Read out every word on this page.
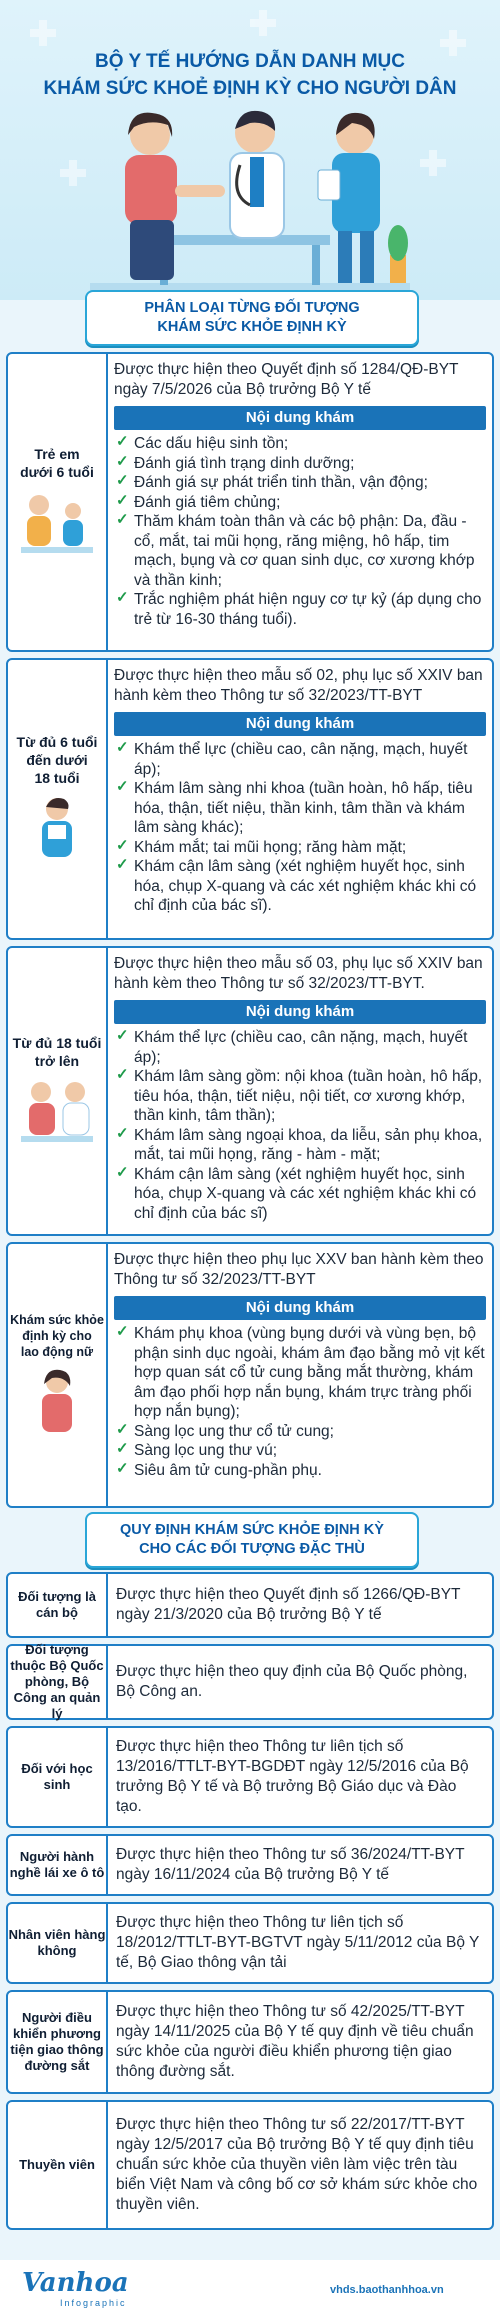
BỘ Y TẾ HƯỚNG DẪN DANH MỤC
KHÁM SỨC KHOẺ ĐỊNH KỲ CHO NGƯỜI DÂN
PHÂN LOẠI TỪNG ĐỐI TƯỢNG
KHÁM SỨC KHỎE ĐỊNH KỲ
Trẻ em
dưới 6 tuổi
Được thực hiện theo Quyết định số 1284/QĐ-BYT ngày 7/5/2026 của Bộ trưởng Bộ Y tế
Nội dung khám
✓ Các dấu hiệu sinh tồn;
✓ Đánh giá tình trạng dinh dưỡng;
✓ Đánh giá sự phát triển tinh thần, vận động;
✓ Đánh giá tiêm chủng;
✓ Thăm khám toàn thân và các bộ phận: Da, đầu - cổ, mắt, tai mũi họng, răng miệng, hô hấp, tim mạch, bụng và cơ quan sinh dục, cơ xương khớp và thần kinh;
✓ Trắc nghiệm phát hiện nguy cơ tự kỷ (áp dụng cho trẻ từ 16-30 tháng tuổi).
Từ đủ 6 tuổi
đến dưới
18 tuổi
Được thực hiện theo mẫu số 02, phụ lục số XXIV ban hành kèm theo Thông tư số 32/2023/TT-BYT
Nội dung khám
✓ Khám thể lực (chiều cao, cân nặng, mạch, huyết áp);
✓ Khám lâm sàng nhi khoa (tuần hoàn, hô hấp, tiêu hóa, thận, tiết niệu, thần kinh, tâm thần và khám lâm sàng khác);
✓ Khám mắt; tai mũi họng; răng hàm mặt;
✓ Khám cận lâm sàng (xét nghiệm huyết học, sinh hóa, chụp X-quang và các xét nghiệm khác khi có chỉ định của bác sĩ).
Từ đủ 18 tuổi
trở lên
Được thực hiện theo mẫu số 03, phụ lục số XXIV ban hành kèm theo Thông tư số 32/2023/TT-BYT.
Nội dung khám
✓ Khám thể lực (chiều cao, cân nặng, mạch, huyết áp);
✓ Khám lâm sàng gồm: nội khoa (tuần hoàn, hô hấp, tiêu hóa, thận, tiết niệu, nội tiết, cơ xương khớp, thần kinh, tâm thần);
✓ Khám lâm sàng ngoại khoa, da liễu, sản phụ khoa, mắt, tai mũi họng, răng - hàm - mặt;
✓ Khám cận lâm sàng (xét nghiệm huyết học, sinh hóa, chụp X-quang và các xét nghiệm khác khi có chỉ định của bác sĩ)
Khám sức khỏe
định kỳ cho
lao động nữ
Được thực hiện theo phụ lục XXV ban hành kèm theo Thông tư số 32/2023/TT-BYT
Nội dung khám
✓ Khám phụ khoa (vùng bụng dưới và vùng bẹn, bộ phận sinh dục ngoài, khám âm đạo bằng mỏ vịt kết hợp quan sát cổ tử cung bằng mắt thường, khám âm đạo phối hợp nắn bụng, khám trực tràng phối hợp nắn bụng);
✓ Sàng lọc ung thư cổ tử cung;
✓ Sàng lọc ung thư vú;
✓ Siêu âm tử cung-phần phụ.
QUY ĐỊNH KHÁM SỨC KHỎE ĐỊNH KỲ
CHO CÁC ĐỐI TƯỢNG ĐẶC THÙ
Đối tượng là cán bộ
Được thực hiện theo Quyết định số 1266/QĐ-BYT ngày 21/3/2020 của Bộ trưởng Bộ Y tế
Đối tượng thuộc Bộ Quốc phòng, Bộ Công an quản lý
Được thực hiện theo quy định của Bộ Quốc phòng, Bộ Công an.
Đối với học sinh
Được thực hiện theo Thông tư liên tịch số 13/2016/TTLT-BYT-BGDĐT ngày 12/5/2016 của Bộ trưởng Bộ Y tế và Bộ trưởng Bộ Giáo dục và Đào tạo.
Người hành nghề lái xe ô tô
Được thực hiện theo Thông tư số 36/2024/TT-BYT ngày 16/11/2024 của Bộ trưởng Bộ Y tế
Nhân viên hàng không
Được thực hiện theo Thông tư liên tịch số 18/2012/TTLT-BYT-BGTVT ngày 5/11/2012 của Bộ Y tế, Bộ Giao thông vận tải
Người điều khiển phương tiện giao thông đường sắt
Được thực hiện theo Thông tư số 42/2025/TT-BYT ngày 14/11/2025 của Bộ Y tế quy định về tiêu chuẩn sức khỏe của người điều khiển phương tiện giao thông đường sắt.
Thuyền viên
Được thực hiện theo Thông tư số 22/2017/TT-BYT ngày 12/5/2017 của Bộ trưởng Bộ Y tế quy định tiêu chuẩn sức khỏe của thuyền viên làm việc trên tàu biển Việt Nam và công bố cơ sở khám sức khỏe cho thuyền viên.
Vanhoa
Infographic
vhds.baothanhhoa.vn
